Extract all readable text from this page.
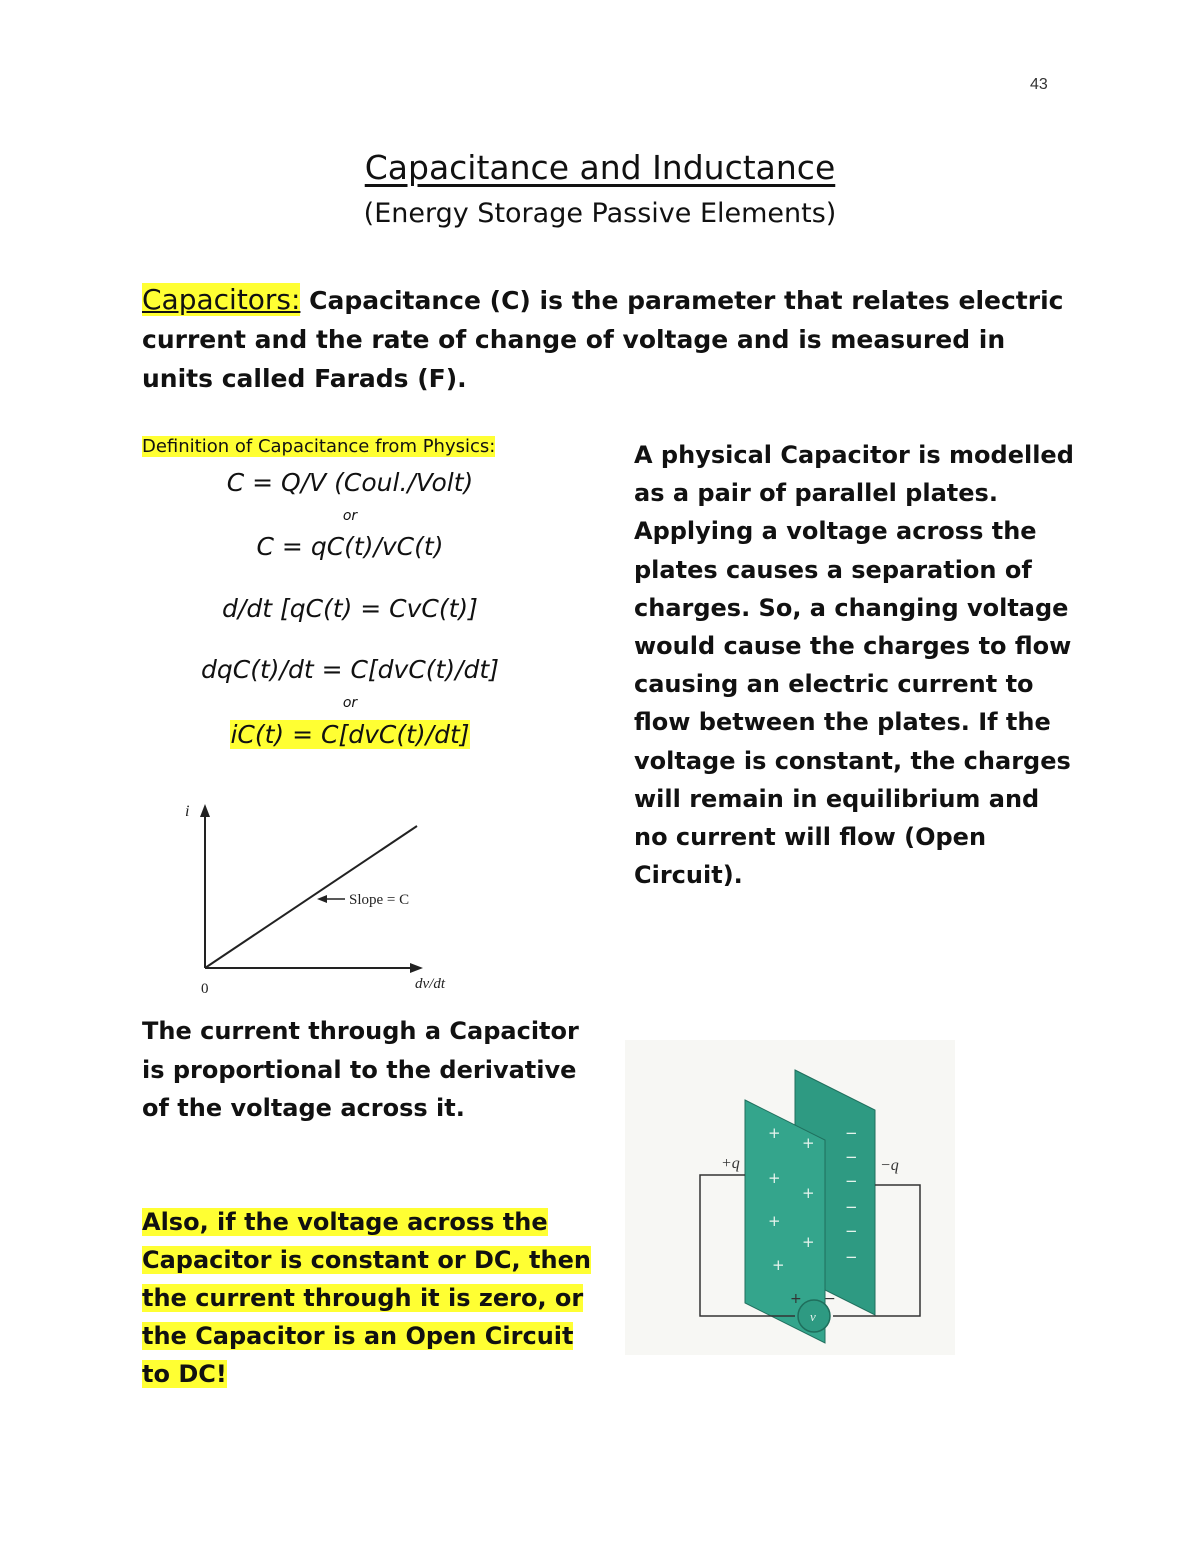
43
Capacitance and Inductance
(Energy Storage Passive Elements)
Capacitors: Capacitance (C) is the parameter that relates electric current and the rate of change of voltage and is measured in units called Farads (F).
Definition of Capacitance from Physics:
C = Q/V (Coul./Volt)
or
C = qC(t)/vC(t)
d/dt [qC(t) = CvC(t)]
dqC(t)/dt = C[dvC(t)/dt]
or
iC(t) = C[dvC(t)/dt]
A physical Capacitor is modelled as a pair of parallel plates. Applying a voltage across the plates causes a separation of charges. So, a changing voltage would cause the charges to flow causing an electric current to flow between the plates. If the voltage is constant, the charges will remain in equilibrium and no current will flow (Open Circuit).
i
0	dv/dt
Slope = C
The current through a Capacitor is proportional to the derivative of the voltage across it.
Also, if the voltage across the Capacitor is constant or DC, then the current through it is zero, or the Capacitor is an Open Circuit to DC!
+
+
+
+
+
+
+
−
−
−
−
−
−
v
+ −
+q	−q
